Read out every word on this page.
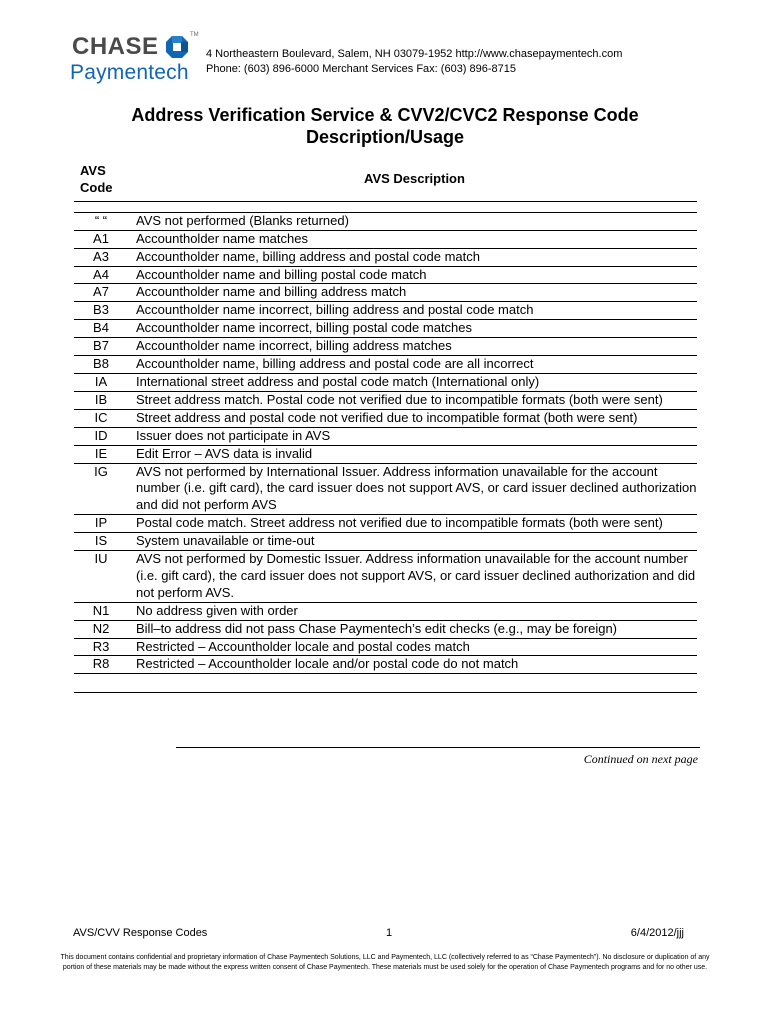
CHASE	TM
Paymentech
4 Northeastern Boulevard, Salem, NH 03079-1952 http://www.chasepaymentech.com
Phone: (603) 896-6000 Merchant Services Fax: (603) 896-8715
Address Verification Service & CVV2/CVC2 Response Code
Description/Usage
AVS
Code	AVS Description

“ “	AVS not performed (Blanks returned)
A1	Accountholder name matches
A3	Accountholder name, billing address and postal code match
A4	Accountholder name and billing postal code match
A7	Accountholder name and billing address match
B3	Accountholder name incorrect, billing address and postal code match
B4	Accountholder name incorrect, billing postal code matches
B7	Accountholder name incorrect, billing address matches
B8	Accountholder name, billing address and postal code are all incorrect
IA	International street address and postal code match (International only)
IB	Street address match. Postal code not verified due to incompatible formats (both were sent)
IC	Street address and postal code not verified due to incompatible format (both were sent)
ID	Issuer does not participate in AVS
IE	Edit Error – AVS data is invalid
IG	AVS not performed by International Issuer. Address information unavailable for the account number (i.e. gift card), the card issuer does not support AVS, or card issuer declined authorization and did not perform AVS
IP	Postal code match. Street address not verified due to incompatible formats (both were sent)
IS	System unavailable or time-out
IU	AVS not performed by Domestic Issuer. Address information unavailable for the account number (i.e. gift card), the card issuer does not support AVS, or card issuer declined authorization and did not perform AVS.
N1	No address given with order
N2	Bill–to address did not pass Chase Paymentech’s edit checks (e.g., may be foreign)
R3	Restricted – Accountholder locale and postal codes match
R8	Restricted – Accountholder locale and/or postal code do not match

Continued on next page
AVS/CVV Response Codes	1	6/4/2012/jjj
This document contains confidential and proprietary information of Chase Paymentech Solutions, LLC and Paymentech, LLC (collectively referred to as “Chase Paymentech”). No disclosure or duplication of any portion of these materials may be made without the express written consent of Chase Paymentech. These materials must be used solely for the operation of Chase Paymentech programs and for no other use.
